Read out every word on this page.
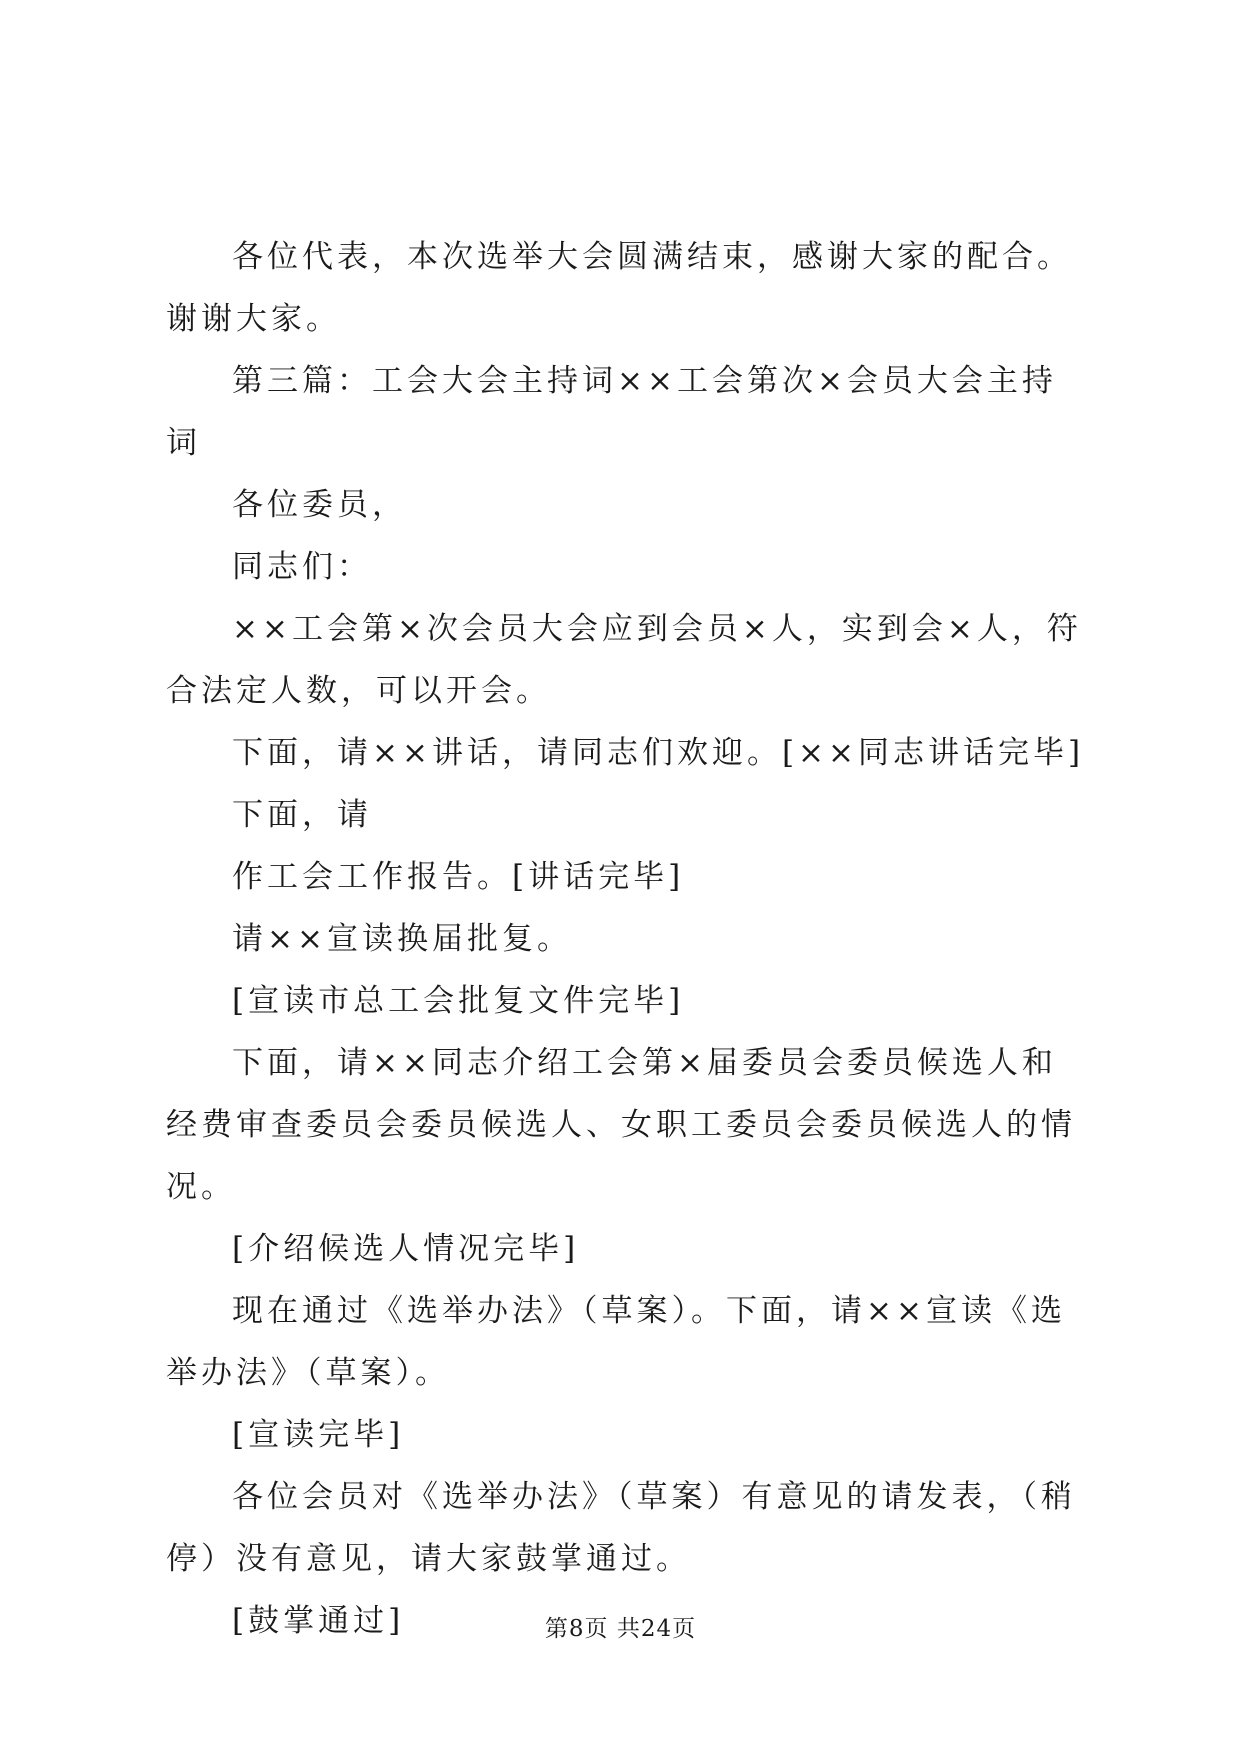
各位代表，本次选举大会圆满结束，感谢大家的配合。谢谢大家。

第三篇：工会大会主持词××工会第次×会员大会主持词

各位委员，

同志们：

××工会第×次会员大会应到会员×人，实到会×人，符合法定人数，可以开会。

下面，请××讲话，请同志们欢迎。[××同志讲话完毕]

下面，请

作工会工作报告。[讲话完毕]

请××宣读换届批复。

[宣读市总工会批复文件完毕]

下面，请××同志介绍工会第×届委员会委员候选人和经费审查委员会委员候选人、女职工委员会委员候选人的情况。

[介绍候选人情况完毕]

现在通过《选举办法》（草案）。下面，请××宣读《选举办法》（草案）。

[宣读完毕]

各位会员对《选举办法》（草案）有意见的请发表，（稍停）没有意见，请大家鼓掌通过。

[鼓掌通过]	第8页 共24页
